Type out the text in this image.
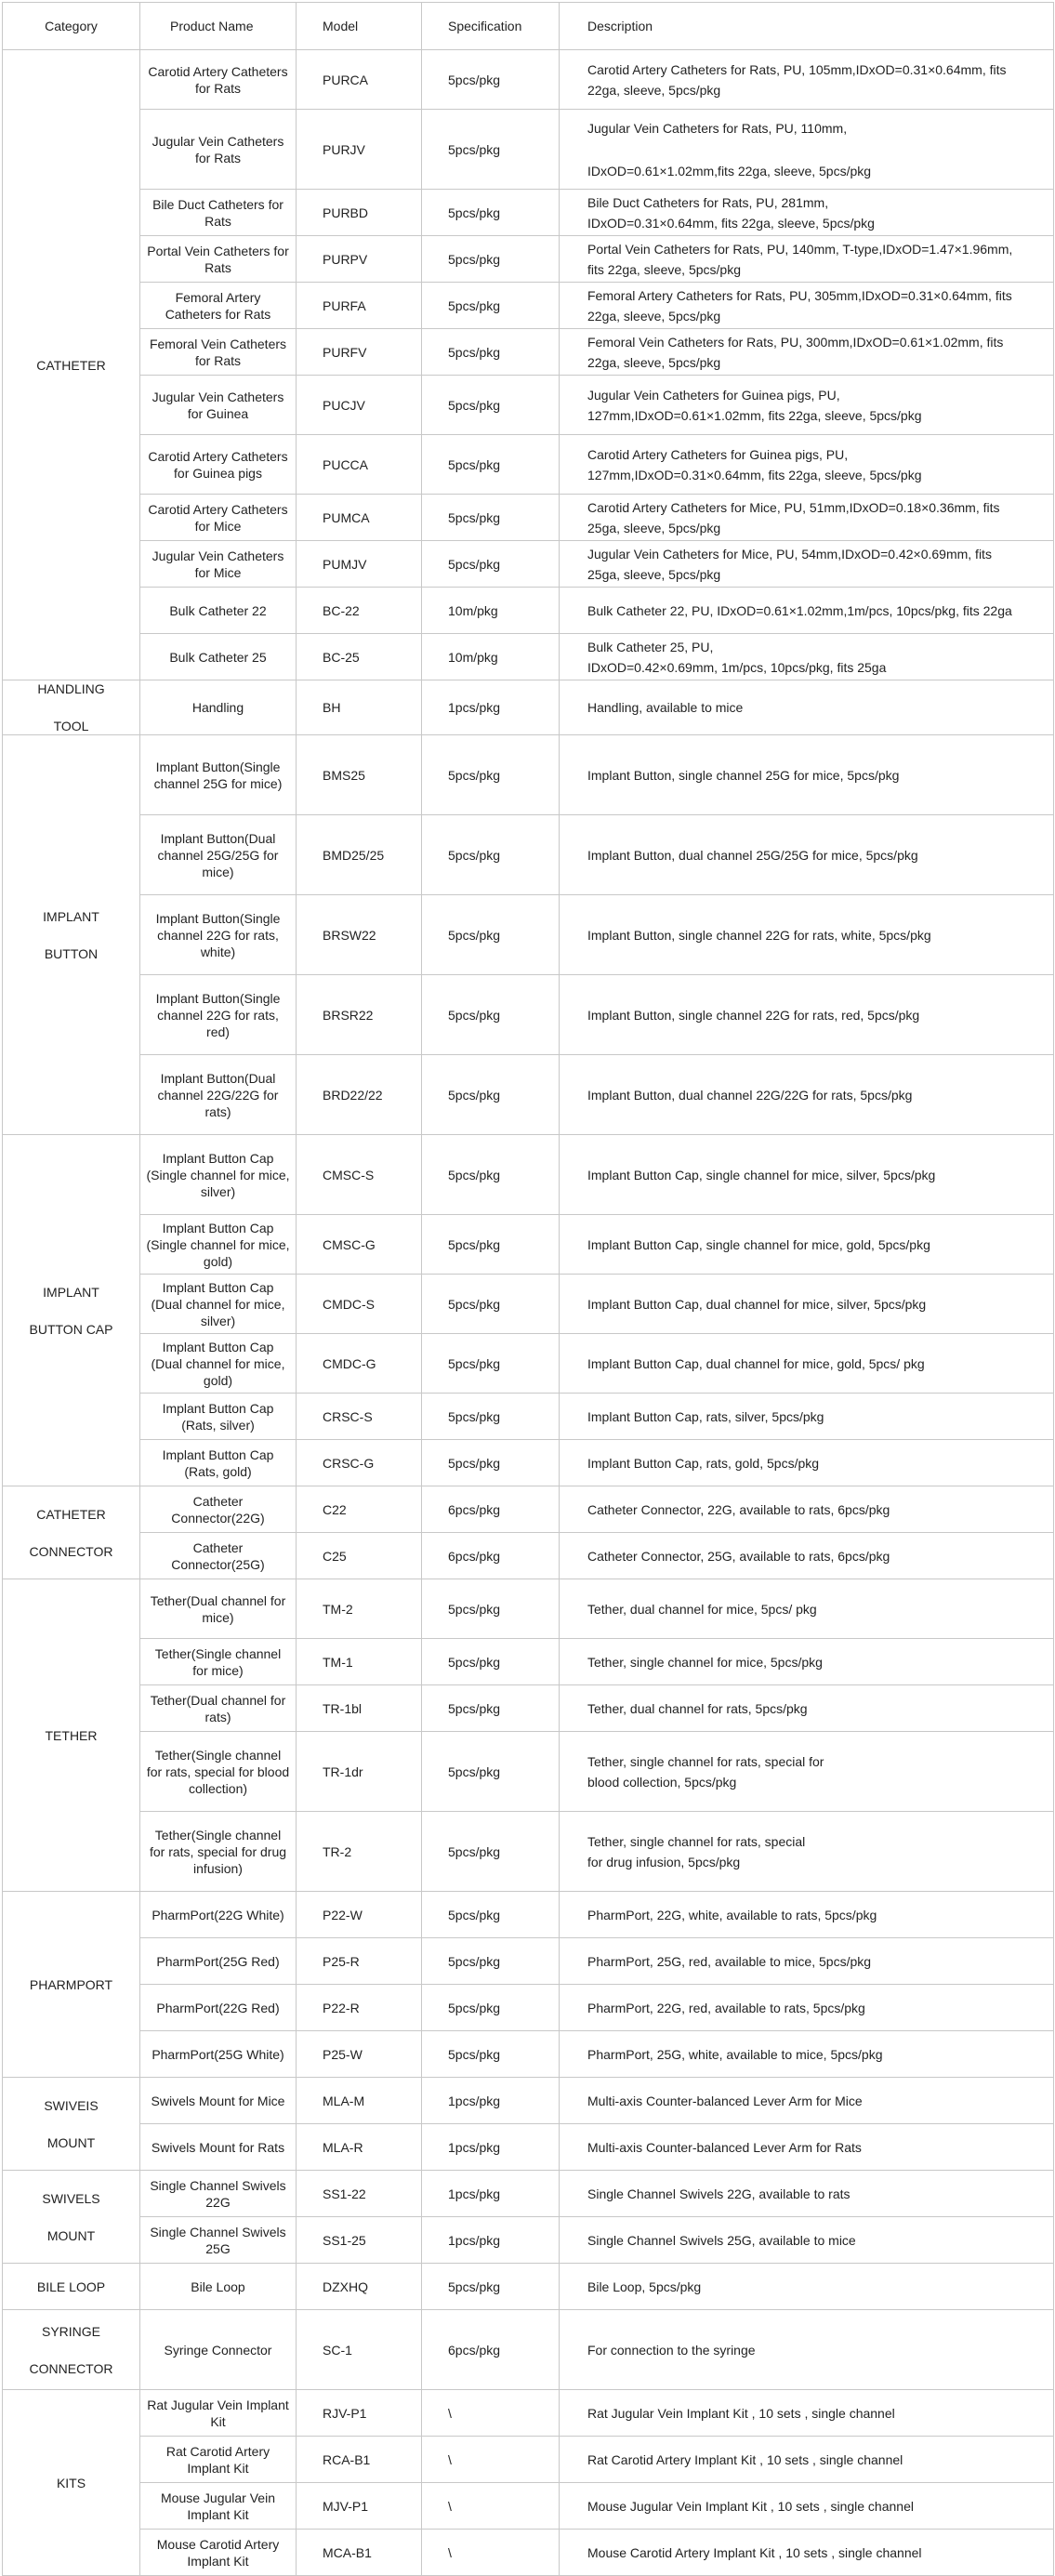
Category	Product Name	Model	Specification	Description

CATHETER	Carotid Artery Catheters for Rats	PURCA	5pcs/pkg	Carotid Artery Catheters for Rats, PU, 105mm,IDxOD=0.31×0.64mm, fits
22ga, sleeve, 5pcs/pkg

	Jugular Vein Catheters for Rats	PURJV	5pcs/pkg	Jugular Vein Catheters for Rats, PU, 110mm,
IDxOD=0.61×1.02mm,fits 22ga, sleeve, 5pcs/pkg

	Bile Duct Catheters for Rats	PURBD	5pcs/pkg	Bile Duct Catheters for Rats, PU, 281mm,
IDxOD=0.31×0.64mm, fits 22ga, sleeve, 5pcs/pkg

	Portal Vein Catheters for Rats	PURPV	5pcs/pkg	Portal Vein Catheters for Rats, PU, 140mm, T-type,IDxOD=1.47×1.96mm,
fits 22ga, sleeve, 5pcs/pkg

	Femoral Artery Catheters for Rats	PURFA	5pcs/pkg	Femoral Artery Catheters for Rats, PU, 305mm,IDxOD=0.31×0.64mm, fits
22ga, sleeve, 5pcs/pkg

	Femoral Vein Catheters for Rats	PURFV	5pcs/pkg	Femoral Vein Catheters for Rats, PU, 300mm,IDxOD=0.61×1.02mm, fits
22ga, sleeve, 5pcs/pkg

	Jugular Vein Catheters for Guinea	PUCJV	5pcs/pkg	Jugular Vein Catheters for Guinea pigs, PU,
127mm,IDxOD=0.61×1.02mm, fits 22ga, sleeve, 5pcs/pkg

	Carotid Artery Catheters for Guinea pigs	PUCCA	5pcs/pkg	Carotid Artery Catheters for Guinea pigs, PU,
127mm,IDxOD=0.31×0.64mm, fits 22ga, sleeve, 5pcs/pkg

	Carotid Artery Catheters for Mice	PUMCA	5pcs/pkg	Carotid Artery Catheters for Mice, PU, 51mm,IDxOD=0.18×0.36mm, fits
25ga, sleeve, 5pcs/pkg

	Jugular Vein Catheters for Mice	PUMJV	5pcs/pkg	Jugular Vein Catheters for Mice, PU, 54mm,IDxOD=0.42×0.69mm, fits
25ga, sleeve, 5pcs/pkg

	Bulk Catheter 22	BC-22	10m/pkg	Bulk Catheter 22, PU, IDxOD=0.61×1.02mm,1m/pcs, 10pcs/pkg, fits 22ga

	Bulk Catheter 25	BC-25	10m/pkg	Bulk Catheter 25, PU,
IDxOD=0.42×0.69mm, 1m/pcs, 10pcs/pkg, fits 25ga

HANDLING
TOOL	Handling	BH	1pcs/pkg	Handling, available to mice

IMPLANT
BUTTON	Implant Button(Single channel 25G for mice)	BMS25	5pcs/pkg	Implant Button, single channel 25G for mice, 5pcs/pkg

	Implant Button(Dual channel 25G/25G for mice)	BMD25/25	5pcs/pkg	Implant Button, dual channel 25G/25G for mice, 5pcs/pkg

	Implant Button(Single channel 22G for rats, white)	BRSW22	5pcs/pkg	Implant Button, single channel 22G for rats, white, 5pcs/pkg

	Implant Button(Single channel 22G for rats, red)	BRSR22	5pcs/pkg	Implant Button, single channel 22G for rats, red, 5pcs/pkg

	Implant Button(Dual channel 22G/22G for rats)	BRD22/22	5pcs/pkg	Implant Button, dual channel 22G/22G for rats, 5pcs/pkg

IMPLANT
BUTTON CAP	Implant Button Cap (Single channel for mice, silver)	CMSC-S	5pcs/pkg	Implant Button Cap, single channel for mice, silver, 5pcs/pkg

	Implant Button Cap (Single channel for mice, gold)	CMSC-G	5pcs/pkg	Implant Button Cap, single channel for mice, gold, 5pcs/pkg

	Implant Button Cap (Dual channel for mice, silver)	CMDC-S	5pcs/pkg	Implant Button Cap, dual channel for mice, silver, 5pcs/pkg

	Implant Button Cap (Dual channel for mice, gold)	CMDC-G	5pcs/pkg	Implant Button Cap, dual channel for mice, gold, 5pcs/ pkg

	Implant Button Cap (Rats, silver)	CRSC-S	5pcs/pkg	Implant Button Cap, rats, silver, 5pcs/pkg

	Implant Button Cap (Rats, gold)	CRSC-G	5pcs/pkg	Implant Button Cap, rats, gold, 5pcs/pkg

CATHETER
CONNECTOR	Catheter Connector(22G)	C22	6pcs/pkg	Catheter Connector, 22G, available to rats, 6pcs/pkg

	Catheter Connector(25G)	C25	6pcs/pkg	Catheter Connector, 25G, available to rats, 6pcs/pkg

TETHER	Tether(Dual channel for mice)	TM-2	5pcs/pkg	Tether, dual channel for mice, 5pcs/ pkg

	Tether(Single channel for mice)	TM-1	5pcs/pkg	Tether, single channel for mice, 5pcs/pkg

	Tether(Dual channel for rats)	TR-1bl	5pcs/pkg	Tether, dual channel for rats, 5pcs/pkg

	Tether(Single channel for rats, special for blood collection)	TR-1dr	5pcs/pkg	Tether, single channel for rats, special for
blood collection, 5pcs/pkg

	Tether(Single channel for rats, special for drug infusion)	TR-2	5pcs/pkg	Tether, single channel for rats, special
for drug infusion, 5pcs/pkg

PHARMPORT	PharmPort(22G White)	P22-W	5pcs/pkg	PharmPort, 22G, white, available to rats, 5pcs/pkg

	PharmPort(25G Red)	P25-R	5pcs/pkg	PharmPort, 25G, red, available to mice, 5pcs/pkg

	PharmPort(22G Red)	P22-R	5pcs/pkg	PharmPort, 22G, red, available to rats, 5pcs/pkg

	PharmPort(25G White)	P25-W	5pcs/pkg	PharmPort, 25G, white, available to mice, 5pcs/pkg

SWIVEIS
MOUNT	Swivels Mount for Mice	MLA-M	1pcs/pkg	Multi-axis Counter-balanced Lever Arm for Mice

	Swivels Mount for Rats	MLA-R	1pcs/pkg	Multi-axis Counter-balanced Lever Arm for Rats

SWIVELS
MOUNT	Single Channel Swivels 22G	SS1-22	1pcs/pkg	Single Channel Swivels 22G, available to rats

	Single Channel Swivels 25G	SS1-25	1pcs/pkg	Single Channel Swivels 25G, available to mice

BILE LOOP	Bile Loop	DZXHQ	5pcs/pkg	Bile Loop, 5pcs/pkg

SYRINGE
CONNECTOR	Syringe Connector	SC-1	6pcs/pkg	For connection to the syringe

KITS	Rat Jugular Vein Implant Kit	RJV-P1	\	Rat Jugular Vein Implant Kit , 10 sets , single channel

	Rat Carotid Artery Implant Kit	RCA-B1	\	Rat Carotid Artery Implant Kit , 10 sets , single channel

	Mouse Jugular Vein Implant Kit	MJV-P1	\	Mouse Jugular Vein Implant Kit , 10 sets , single channel

	Mouse Carotid Artery Implant Kit	MCA-B1	\	Mouse Carotid Artery Implant Kit , 10 sets , single channel
